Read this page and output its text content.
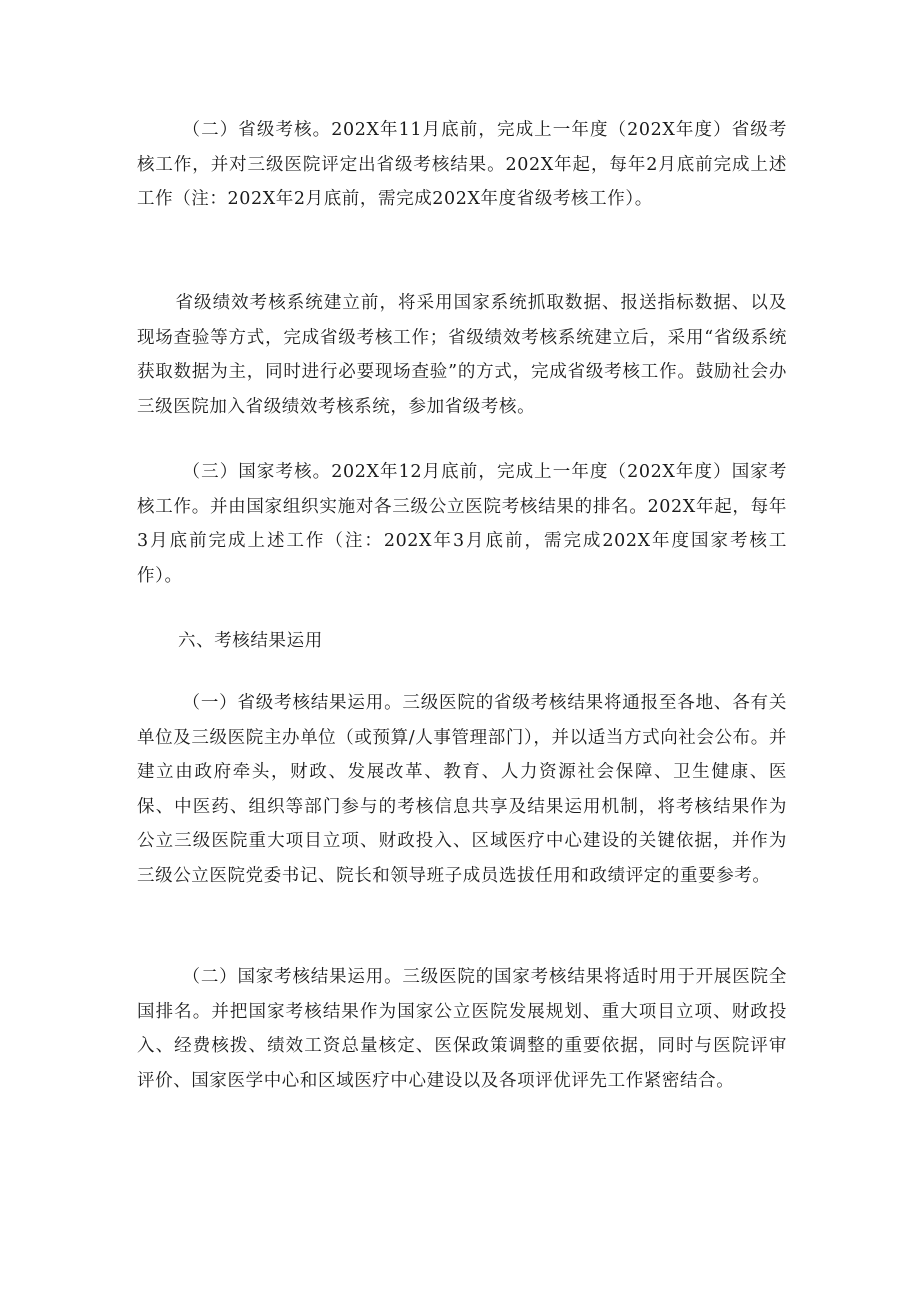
（二）省级考核。202X年11月底前，完成上一年度（202X年度）省级考核工作，并对三级医院评定出省级考核结果。202X年起，每年2月底前完成上述工作（注：202X年2月底前，需完成202X年度省级考核工作）。

省级绩效考核系统建立前，将采用国家系统抓取数据、报送指标数据、以及现场查验等方式，完成省级考核工作；省级绩效考核系统建立后，采用“省级系统获取数据为主，同时进行必要现场查验”的方式，完成省级考核工作。鼓励社会办三级医院加入省级绩效考核系统，参加省级考核。

（三）国家考核。202X年12月底前，完成上一年度（202X年度）国家考核工作。并由国家组织实施对各三级公立医院考核结果的排名。202X年起，每年3月底前完成上述工作（注：202X年3月底前，需完成202X年度国家考核工作）。

六、考核结果运用

（一）省级考核结果运用。三级医院的省级考核结果将通报至各地、各有关单位及三级医院主办单位（或预算/人事管理部门），并以适当方式向社会公布。并建立由政府牵头，财政、发展改革、教育、人力资源社会保障、卫生健康、医保、中医药、组织等部门参与的考核信息共享及结果运用机制，将考核结果作为公立三级医院重大项目立项、财政投入、区域医疗中心建设的关键依据，并作为三级公立医院党委书记、院长和领导班子成员选拔任用和政绩评定的重要参考。

（二）国家考核结果运用。三级医院的国家考核结果将适时用于开展医院全国排名。并把国家考核结果作为国家公立医院发展规划、重大项目立项、财政投入、经费核拨、绩效工资总量核定、医保政策调整的重要依据，同时与医院评审评价、国家医学中心和区域医疗中心建设以及各项评优评先工作紧密结合。
